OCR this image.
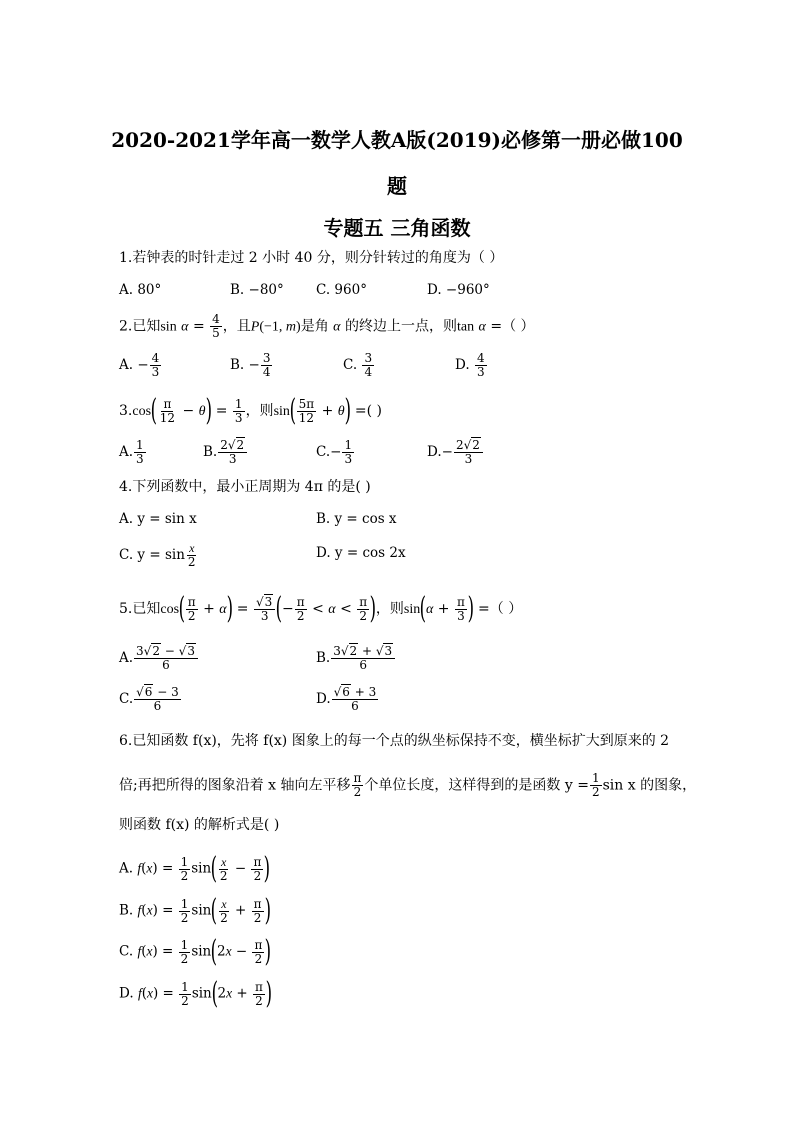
2020-2021学年高一数学人教A版(2019)必修第一册必做100
题
专题五 三角函数
1.若钟表的时针走过 2 小时 40 分，则分针转过的角度为（ ）
A. 80°	B. −80° C. 960°	D. −960°
2.已知$\sin \alpha = \frac{4}{5}$ ，且P(−1, m)是角 α 的终边上一点，则tan α =（ ）
A. − $\frac{4}{3}$	B. − $\frac{3}{4}$	C. $\frac{3}{4}$	D. $\frac{4}{3}$
$3.\cos( \frac{\pi}{12} - \theta) = \frac{1}{3}$ ，则$\sin( \frac{5\pi}{12} + \theta)$ =( )
A. $\frac{1}{3}$	B. $\frac{2√2}{3}$	$C.- \frac{1}{3}$	$D.- \frac{2√2}{3}$
4.下列函数中，最小正周期为 4π 的是( )
A. y = sin x	B. y = cos x
C. $y = \sin \frac{x}{2}$	D. y = cos 2x
5.已知$\cos( \frac{\pi}{2} + \alpha) = \frac{√3}{3}$ (− $\frac{\pi}{2} < \alpha < \frac{\pi}{2}$ )，则$\sin(\alpha + \frac{\pi}{3}$ ) =（ ）
A. $\frac{3√2 - √3}{6}$	B. $\frac{3√2 + √3}{6}$
C. $\frac{√6 - 3}{6}$	D. $\frac{√6 + 3}{6}$
6.已知函数 f(x)，先将 f(x) 图象上的每一个点的纵坐标保持不变，横坐标扩大到原来的 2
倍;再把所得的图象沿着 x 轴向左平移 $\frac{\pi}{2}$ 个单位长度，这样得到的是函数 $y = \frac{1}{2}$ sin x 的图象，
则函数 f(x) 的解析式是( )
A. $f(x) = \frac{1}{2} \sin( \frac{x}{2} - \frac{\pi}{2}$ )
B. $f(x) = \frac{1}{2} \sin( \frac{x}{2} + \frac{\pi}{2}$ )
C. $f(x) = \frac{1}{2} \sin(2x - \frac{\pi}{2}$ )
D. $f(x) = \frac{1}{2} \sin(2x + \frac{\pi}{2}$ )
